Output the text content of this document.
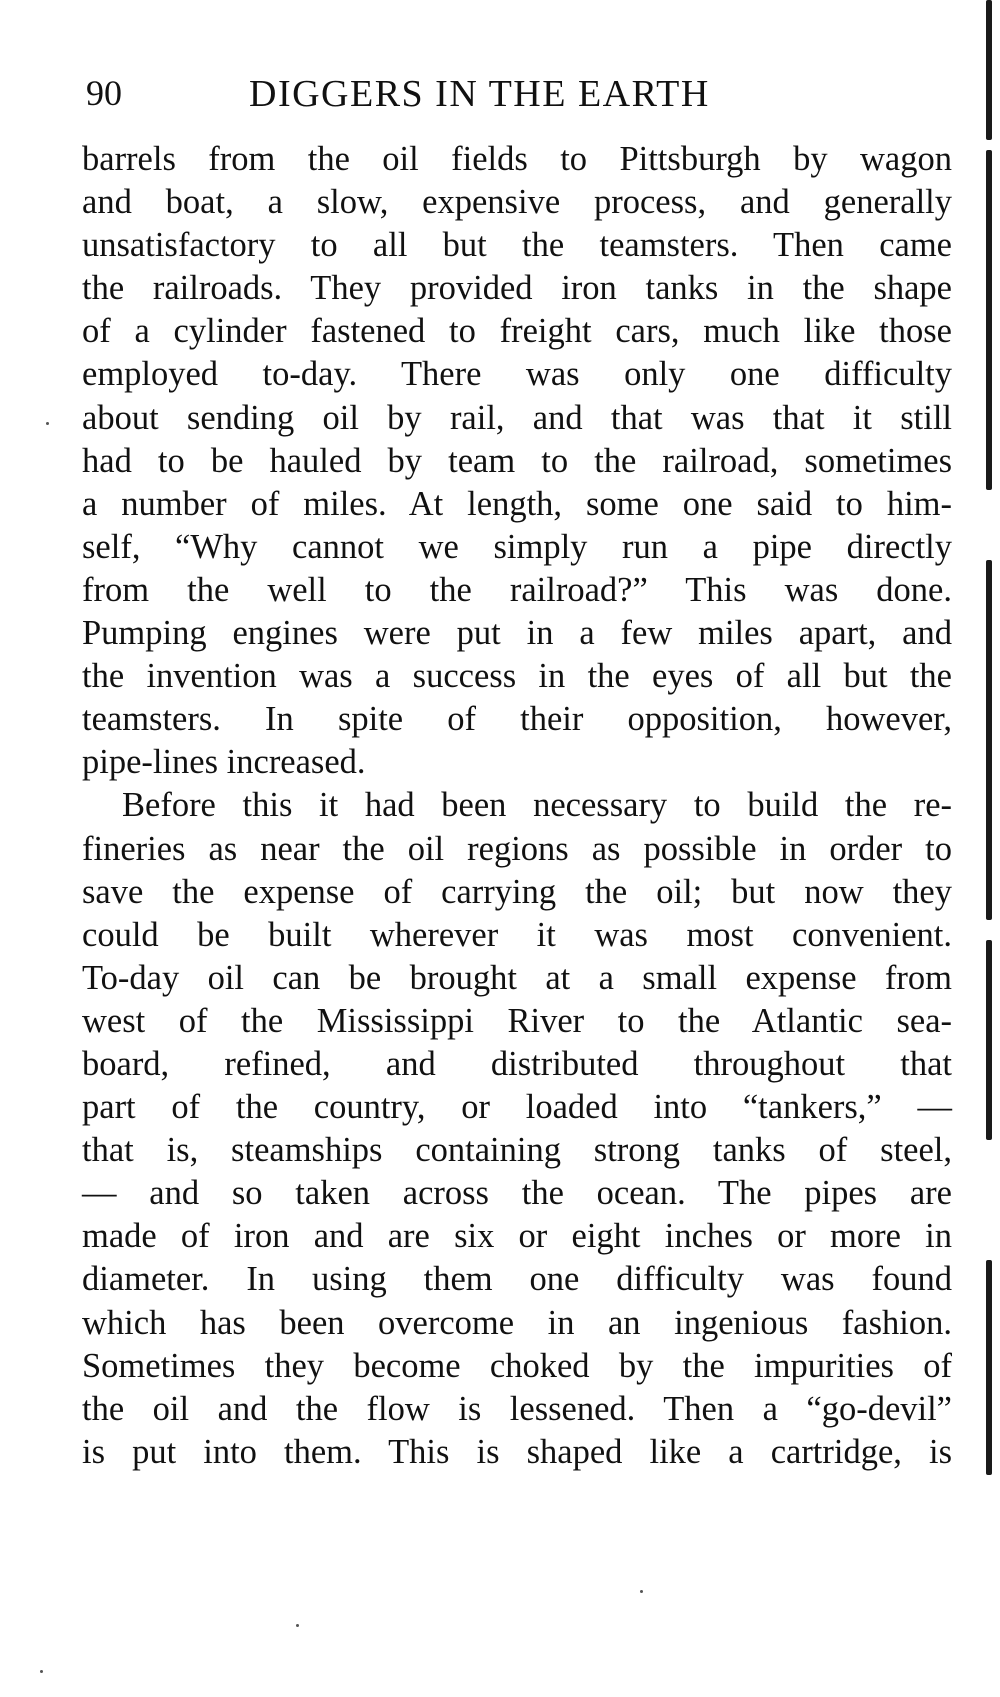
90	DIGGERS IN THE EARTH
barrels from the oil fields to Pittsburgh by wagon
and boat, a slow, expensive process, and generally
unsatisfactory to all but the teamsters. Then came
the railroads. They provided iron tanks in the shape
of a cylinder fastened to freight cars, much like those
employed to-day. There was only one difficulty
about sending oil by rail, and that was that it still
had to be hauled by team to the railroad, sometimes
a number of miles. At length, some one said to him-
self, “Why cannot we simply run a pipe directly
from the well to the railroad?” This was done.
Pumping engines were put in a few miles apart, and
the invention was a success in the eyes of all but the
teamsters. In spite of their opposition, however,
pipe-lines increased.
Before this it had been necessary to build the re-
fineries as near the oil regions as possible in order to
save the expense of carrying the oil; but now they
could be built wherever it was most convenient.
To-day oil can be brought at a small expense from
west of the Mississippi River to the Atlantic sea-
board, refined, and distributed throughout that
part of the country, or loaded into “tankers,” —
that is, steamships containing strong tanks of steel,
— and so taken across the ocean. The pipes are
made of iron and are six or eight inches or more in
diameter. In using them one difficulty was found
which has been overcome in an ingenious fashion.
Sometimes they become choked by the impurities of
the oil and the flow is lessened. Then a “go-devil”
is put into them. This is shaped like a cartridge, is
